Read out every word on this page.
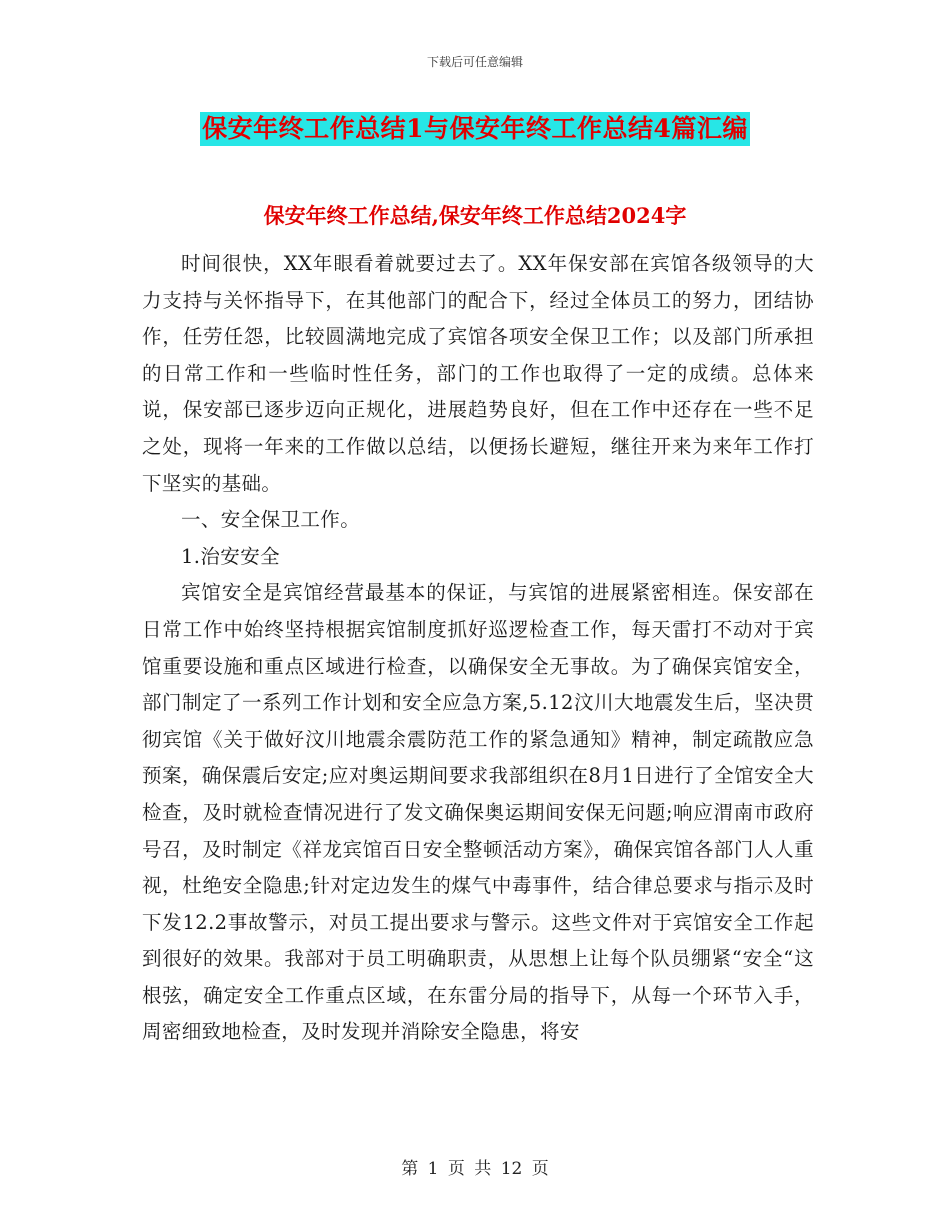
下载后可任意编辑
保安年终工作总结1与保安年终工作总结4篇汇编
保安年终工作总结,保安年终工作总结2024字

时间很快，XX年眼看着就要过去了。XX年保安部在宾馆各级领导的大力支持与关怀指导下，在其他部门的配合下，经过全体员工的努力，团结协作，任劳任怨，比较圆满地完成了宾馆各项安全保卫工作；以及部门所承担的日常工作和一些临时性任务，部门的工作也取得了一定的成绩。总体来说，保安部已逐步迈向正规化，进展趋势良好，但在工作中还存在一些不足之处，现将一年来的工作做以总结，以便扬长避短，继往开来为来年工作打下坚实的基础。

一、安全保卫工作。

1.治安安全

宾馆安全是宾馆经营最基本的保证，与宾馆的进展紧密相连。保安部在日常工作中始终坚持根据宾馆制度抓好巡逻检查工作，每天雷打不动对于宾馆重要设施和重点区域进行检查，以确保安全无事故。为了确保宾馆安全，部门制定了一系列工作计划和安全应急方案,5.12汶川大地震发生后，坚决贯彻宾馆《关于做好汶川地震余震防范工作的紧急通知》精神，制定疏散应急预案，确保震后安定;应对奥运期间要求我部组织在8月1日进行了全馆安全大检查，及时就检查情况进行了发文确保奥运期间安保无问题;响应渭南市政府号召，及时制定《祥龙宾馆百日安全整顿活动方案》，确保宾馆各部门人人重视，杜绝安全隐患;针对定边发生的煤气中毒事件，结合律总要求与指示及时下发12.2事故警示，对员工提出要求与警示。这些文件对于宾馆安全工作起到很好的效果。我部对于员工明确职责，从思想上让每个队员绷紧“安全“这根弦，确定安全工作重点区域，在东雷分局的指导下，从每一个环节入手，周密细致地检查，及时发现并消除安全隐患，将安

第 1 页 共 12 页
